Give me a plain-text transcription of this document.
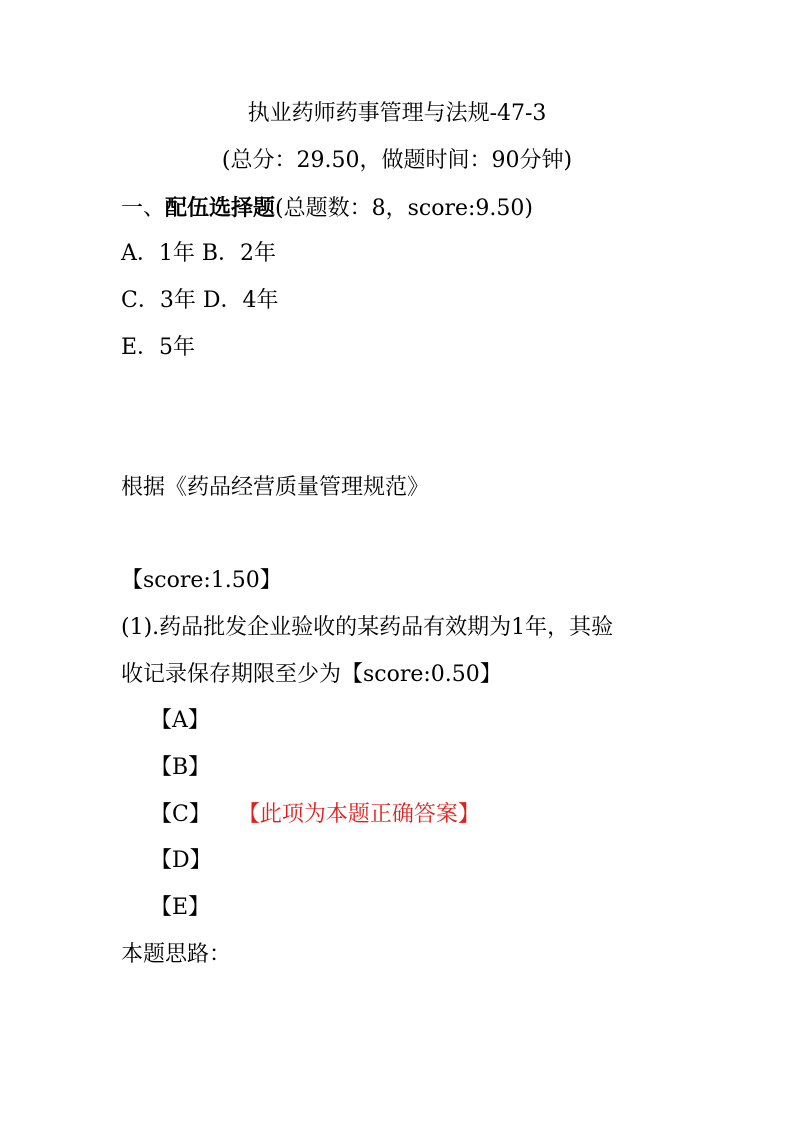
执业药师药事管理与法规-47-3
(总分：29.50，做题时间：90分钟)
一、配伍选择题(总题数：8，score:9.50)
A．1年 B．2年
C．3年 D．4年
E．5年
根据《药品经营质量管理规范》
【score:1.50】
(1).药品批发企业验收的某药品有效期为1年，其验
收记录保存期限至少为【score:0.50】
【A】
【B】
【C】 【此项为本题正确答案】
【D】
【E】
本题思路：
